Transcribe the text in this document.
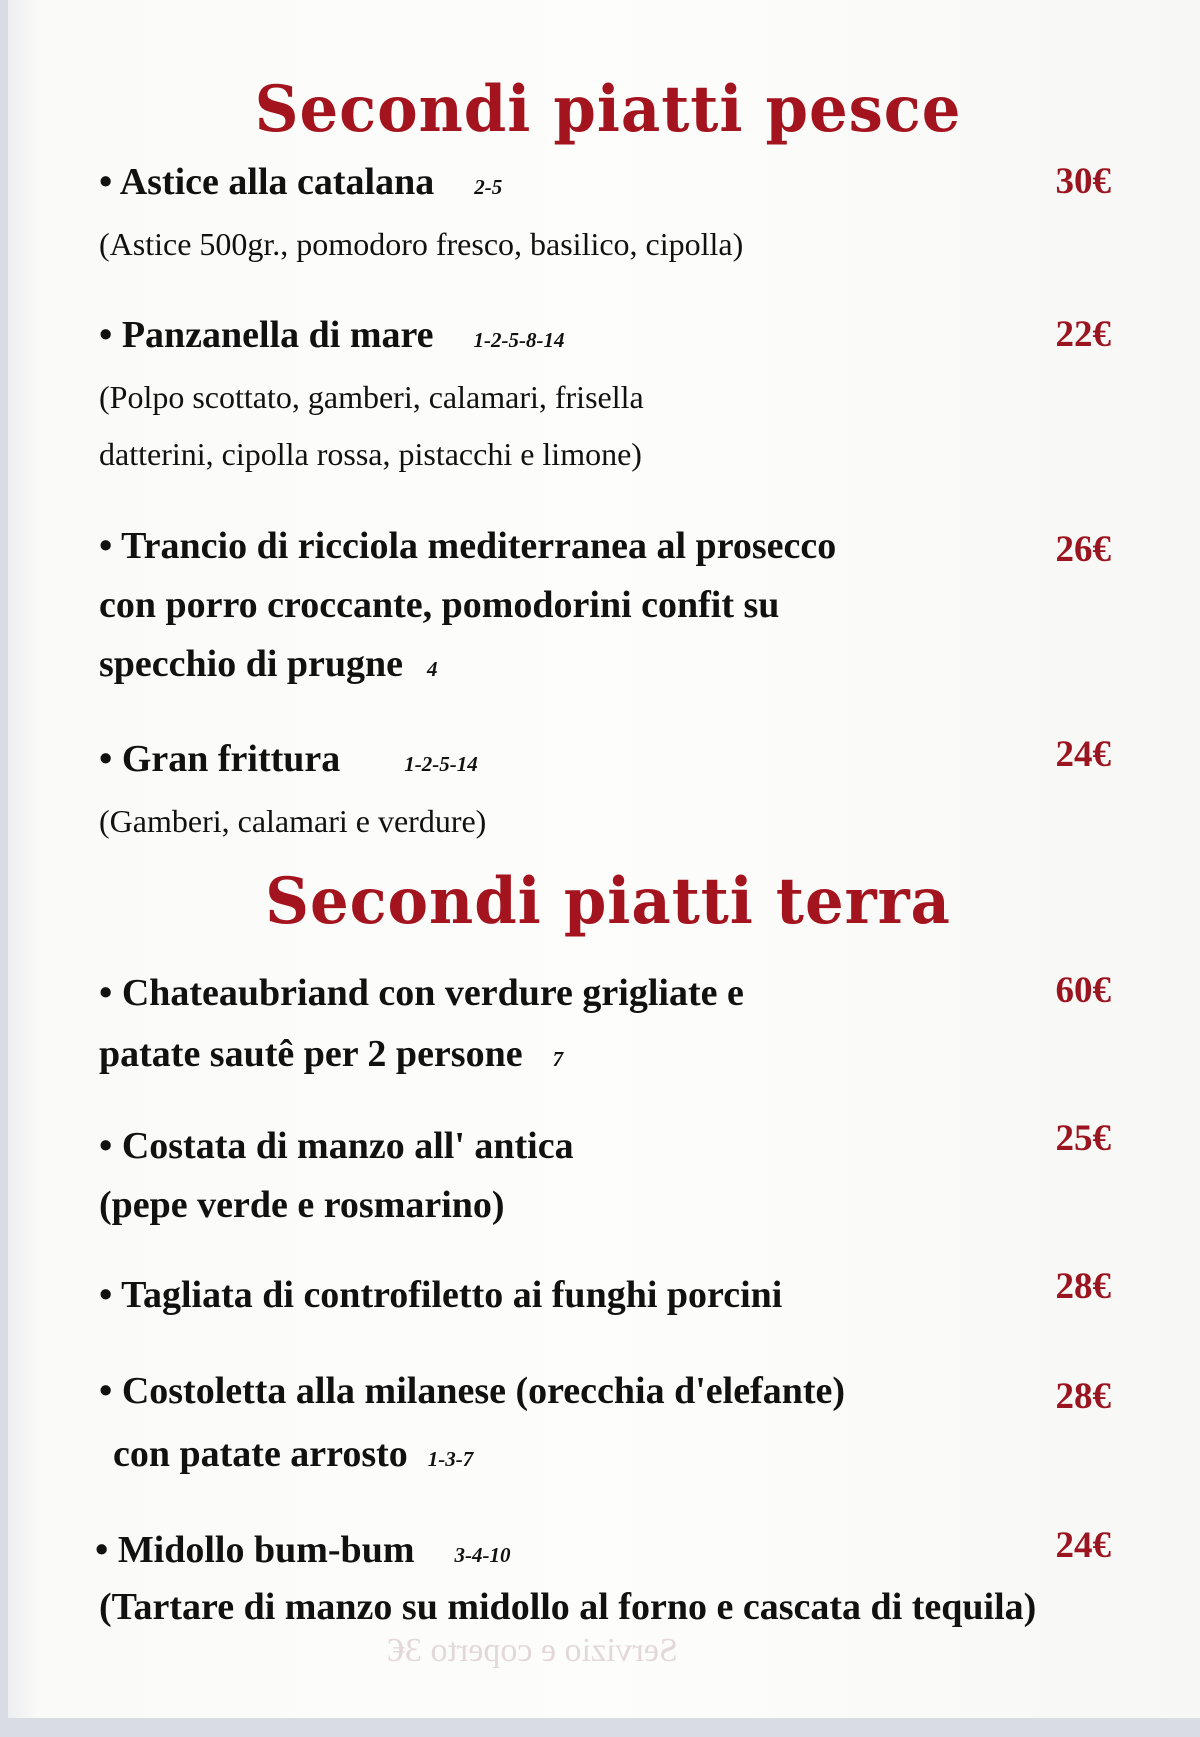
Secondi piatti pesce
• Astice alla catalana 2-5	30€
(Astice 500gr., pomodoro fresco, basilico, cipolla)
• Panzanella di mare 1-2-5-8-14	22€
(Polpo scottato, gamberi, calamari, frisella
datterini, cipolla rossa, pistacchi e limone)
• Trancio di ricciola mediterranea al prosecco
con porro croccante, pomodorini confit su
specchio di prugne 4
26€
• Gran frittura	1-2-5-14	24€
(Gamberi, calamari e verdure)
Secondi piatti terra
• Chateaubriand con verdure grigliate e
patate sautê per 2 persone 7
60€
• Costata di manzo all' antica
(pepe verde e rosmarino)
25€
• Tagliata di controfiletto ai funghi porcini	28€
• Costoletta alla milanese (orecchia d'elefante)
con patate arrosto 1-3-7
28€
• Midollo bum-bum 3-4-10	24€
(Tartare di manzo su midollo al forno e cascata di tequila)
Servizio e coperto 3€
